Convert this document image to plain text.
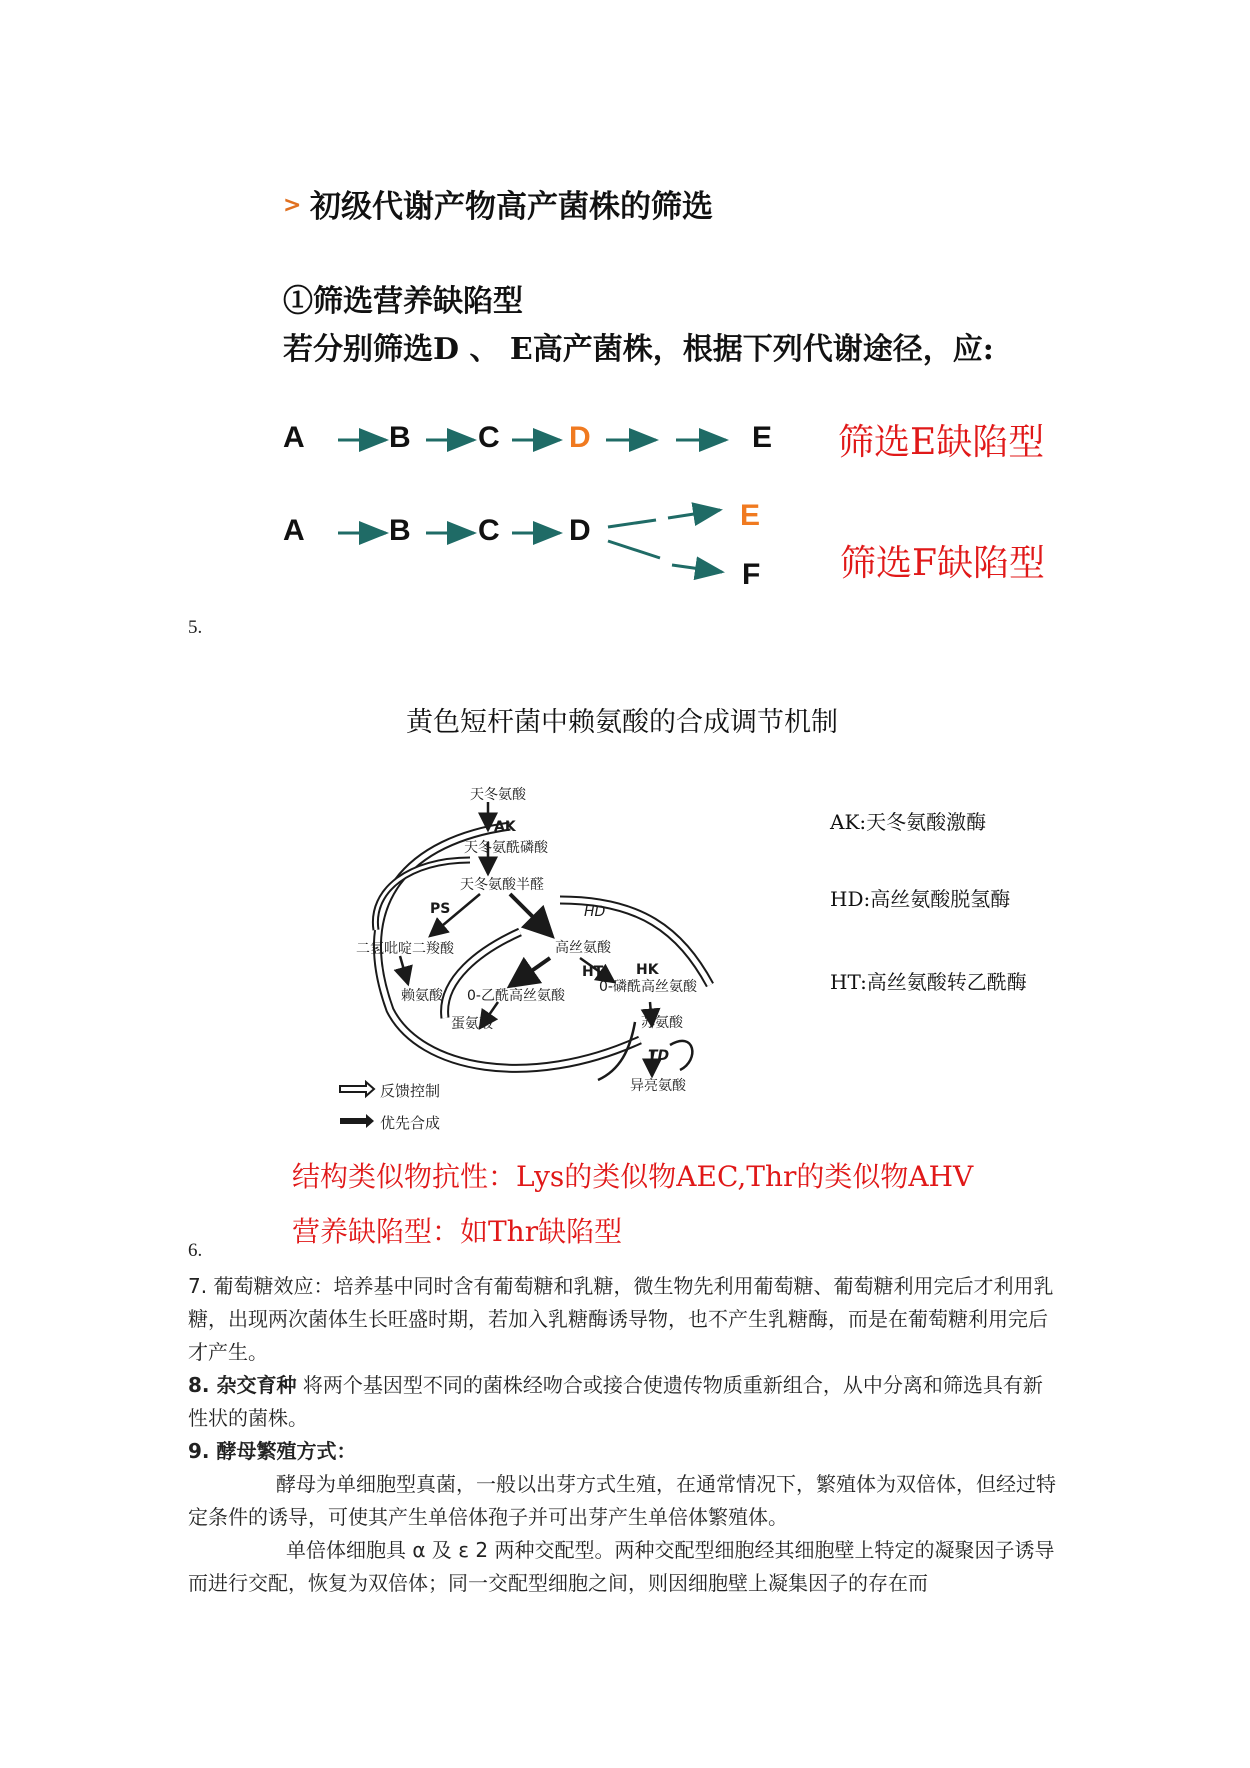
> 初级代谢产物高产菌株的筛选
①筛选营养缺陷型
若分别筛选D 、 E高产菌株，根据下列代谢途径，应:
A	B C D	E 筛选E缺陷型
A	B C D	E
F 筛选F缺陷型
5.
黄色短杆菌中赖氨酸的合成调节机制
天冬氨酸
AK
天冬氨酰磷酸
天冬氨酸半醛
PS	HD
二氢吡啶二羧酸	高丝氨酸
HT HK
赖氨酸 0-乙酰高丝氨酸
0-磷酰高丝氨酸
蛋氨酸	苏氨酸
TD
异亮氨酸
反馈控制
优先合成
AK:天冬氨酸激酶
HD:高丝氨酸脱氢酶
HT:高丝氨酸转乙酰酶
结构类似物抗性：Lys的类似物AEC,Thr的类似物AHV
营养缺陷型：如Thr缺陷型
6.
7. 葡萄糖效应：培养基中同时含有葡萄糖和乳糖，微生物先利用葡萄糖、葡萄糖利用完后才利用乳糖，出现两次菌体生长旺盛时期，若加入乳糖酶诱导物，也不产生乳糖酶，而是在葡萄糖利用完后才产生。
8. 杂交育种 将两个基因型不同的菌株经吻合或接合使遗传物质重新组合，从中分离和筛选具有新性状的菌株。
9. 酵母繁殖方式：
酵母为单细胞型真菌，一般以出芽方式生殖，在通常情况下，繁殖体为双倍体，但经过特定条件的诱导，可使其产生单倍体孢子并可出芽产生单倍体繁殖体。
单倍体细胞具 α 及 ε 2 两种交配型。两种交配型细胞经其细胞壁上特定的凝聚因子诱导而进行交配，恢复为双倍体；同一交配型细胞之间，则因细胞壁上凝集因子的存在而
